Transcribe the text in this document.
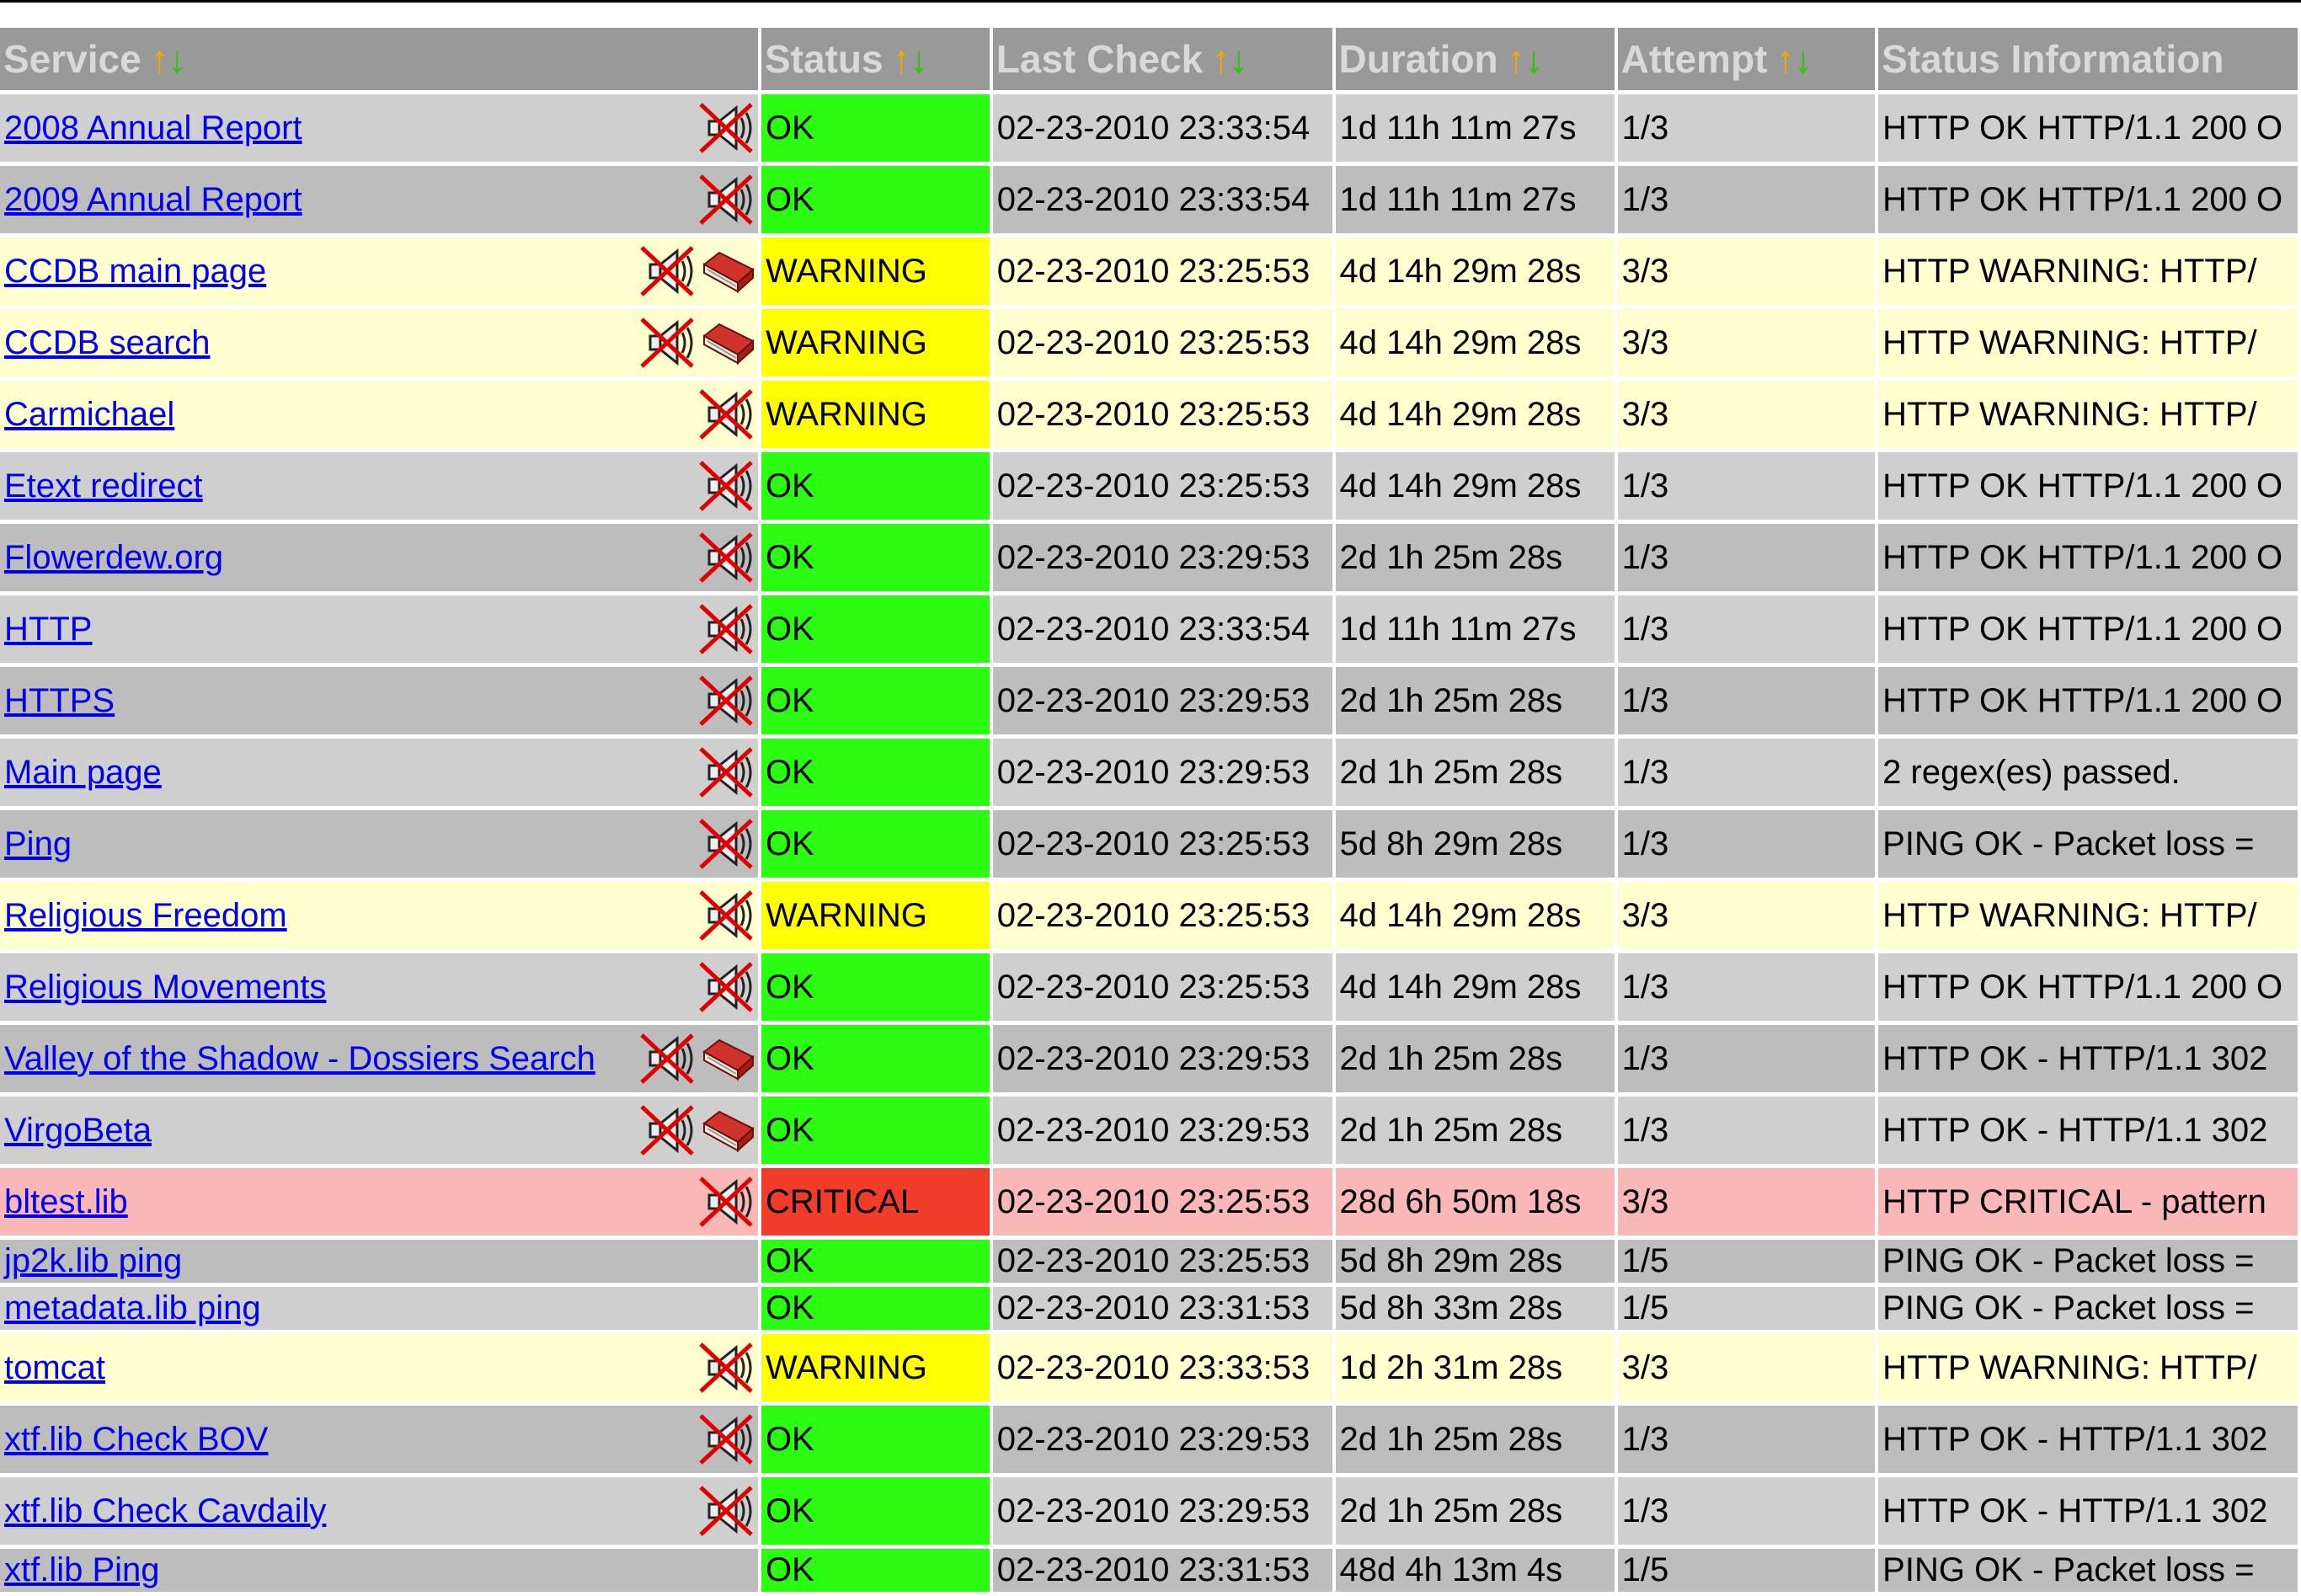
Service ↑↓	Status ↑↓	Last Check ↑↓	Duration ↑↓	Attempt ↑↓	Status Information
2008 Annual Report	OK	02-23-2010 23:33:54	1d 11h 11m 27s	1/3	HTTP OK HTTP/1.1 200 O
2009 Annual Report	OK	02-23-2010 23:33:54	1d 11h 11m 27s	1/3	HTTP OK HTTP/1.1 200 O
CCDB main page	WARNING	02-23-2010 23:25:53	4d 14h 29m 28s	3/3	HTTP WARNING: HTTP/
CCDB search	WARNING	02-23-2010 23:25:53	4d 14h 29m 28s	3/3	HTTP WARNING: HTTP/
Carmichael	WARNING	02-23-2010 23:25:53	4d 14h 29m 28s	3/3	HTTP WARNING: HTTP/
Etext redirect	OK	02-23-2010 23:25:53	4d 14h 29m 28s	1/3	HTTP OK HTTP/1.1 200 O
Flowerdew.org	OK	02-23-2010 23:29:53	2d 1h 25m 28s	1/3	HTTP OK HTTP/1.1 200 O
HTTP	OK	02-23-2010 23:33:54	1d 11h 11m 27s	1/3	HTTP OK HTTP/1.1 200 O
HTTPS	OK	02-23-2010 23:29:53	2d 1h 25m 28s	1/3	HTTP OK HTTP/1.1 200 O
Main page	OK	02-23-2010 23:29:53	2d 1h 25m 28s	1/3	2 regex(es) passed.
Ping	OK	02-23-2010 23:25:53	5d 8h 29m 28s	1/3	PING OK - Packet loss =
Religious Freedom	WARNING	02-23-2010 23:25:53	4d 14h 29m 28s	3/3	HTTP WARNING: HTTP/
Religious Movements	OK	02-23-2010 23:25:53	4d 14h 29m 28s	1/3	HTTP OK HTTP/1.1 200 O
Valley of the Shadow - Dossiers Search	OK	02-23-2010 23:29:53	2d 1h 25m 28s	1/3	HTTP OK - HTTP/1.1 302
VirgoBeta	OK	02-23-2010 23:29:53	2d 1h 25m 28s	1/3	HTTP OK - HTTP/1.1 302
bltest.lib	CRITICAL	02-23-2010 23:25:53	28d 6h 50m 18s	3/3	HTTP CRITICAL - pattern
jp2k.lib ping	OK	02-23-2010 23:25:53	5d 8h 29m 28s	1/5	PING OK - Packet loss =
metadata.lib ping	OK	02-23-2010 23:31:53	5d 8h 33m 28s	1/5	PING OK - Packet loss =
tomcat	WARNING	02-23-2010 23:33:53	1d 2h 31m 28s	3/3	HTTP WARNING: HTTP/
xtf.lib Check BOV	OK	02-23-2010 23:29:53	2d 1h 25m 28s	1/3	HTTP OK - HTTP/1.1 302
xtf.lib Check Cavdaily	OK	02-23-2010 23:29:53	2d 1h 25m 28s	1/3	HTTP OK - HTTP/1.1 302
xtf.lib Ping	OK	02-23-2010 23:31:53	48d 4h 13m 4s	1/5	PING OK - Packet loss =
